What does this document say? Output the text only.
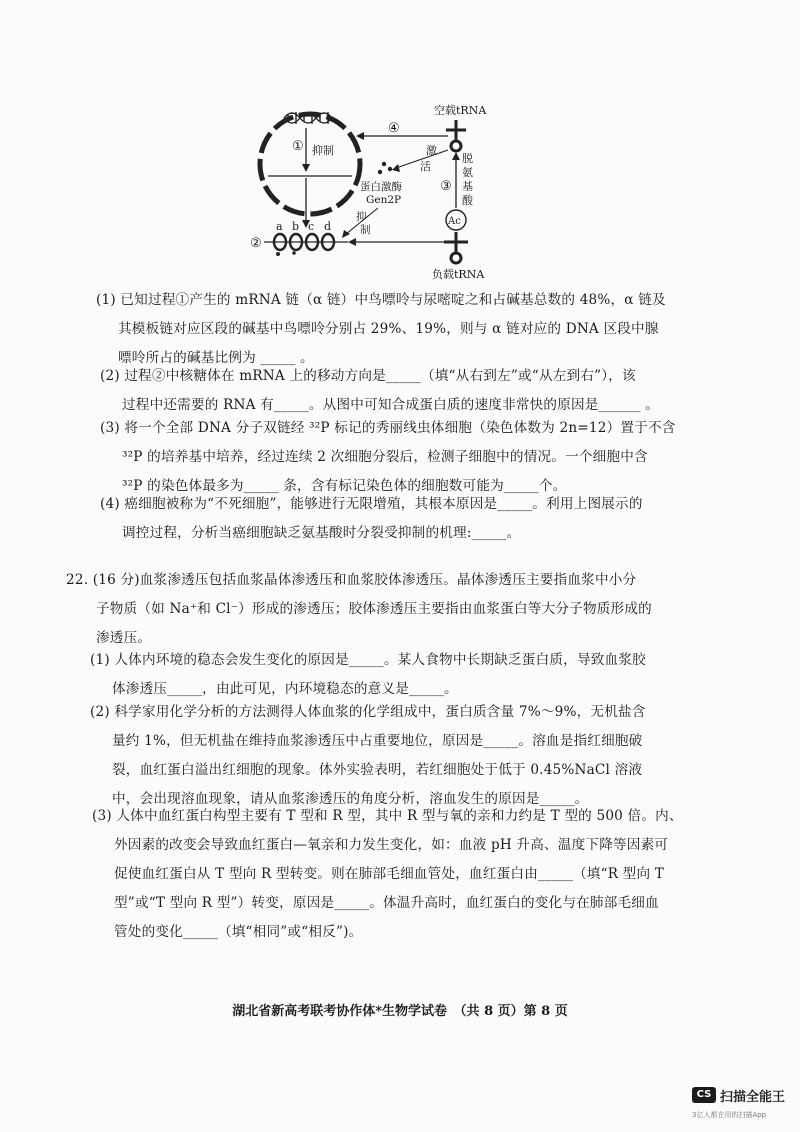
① 抑制
④
空载tRNA
激
活
蛋白激酶
Gen2P
抑
制
③
脱
氨
基
酸
Ac
负载tRNA
②
a b c d

(1) 已知过程①产生的 mRNA 链（α 链）中鸟嘌呤与尿嘧啶之和占碱基总数的 48%，α 链及

其模板链对应区段的碱基中鸟嘌呤分别占 29%、19%，则与 α 链对应的 DNA 区段中腺

嘌呤所占的碱基比例为 _____ 。

(2) 过程②中核糖体在 mRNA 上的移动方向是_____（填“从右到左”或“从左到右”），该

过程中还需要的 RNA 有_____。从图中可知合成蛋白质的速度非常快的原因是______ 。

(3) 将一个全部 DNA 分子双链经 ³²P 标记的秀丽线虫体细胞（染色体数为 2n=12）置于不含

³²P 的培养基中培养，经过连续 2 次细胞分裂后，检测子细胞中的情况。一个细胞中含

³²P 的染色体最多为_____ 条，含有标记染色体的细胞数可能为_____个。

(4) 癌细胞被称为“不死细胞”，能够进行无限增殖，其根本原因是_____。利用上图展示的

调控过程，分析当癌细胞缺乏氨基酸时分裂受抑制的机理:_____。

22. (16 分)血浆渗透压包括血浆晶体渗透压和血浆胶体渗透压。晶体渗透压主要指血浆中小分

子物质（如 Na⁺和 Cl⁻）形成的渗透压；胶体渗透压主要指由血浆蛋白等大分子物质形成的

渗透压。

(1) 人体内环境的稳态会发生变化的原因是_____。某人食物中长期缺乏蛋白质，导致血浆胶

体渗透压_____，由此可见，内环境稳态的意义是_____。

(2) 科学家用化学分析的方法测得人体血浆的化学组成中，蛋白质含量 7%～9%，无机盐含

量约 1%，但无机盐在维持血浆渗透压中占重要地位，原因是_____。溶血是指红细胞破

裂，血红蛋白溢出红细胞的现象。体外实验表明，若红细胞处于低于 0.45%NaCl 溶液

中，会出现溶血现象，请从血浆渗透压的角度分析，溶血发生的原因是_____。

(3) 人体中血红蛋白构型主要有 T 型和 R 型，其中 R 型与氧的亲和力约是 T 型的 500 倍。内、

外因素的改变会导致血红蛋白—氧亲和力发生变化，如：血液 pH 升高、温度下降等因素可

促使血红蛋白从 T 型向 R 型转变。则在肺部毛细血管处，血红蛋白由_____（填“R 型向 T

型”或“T 型向 R 型”）转变，原因是_____。体温升高时，血红蛋白的变化与在肺部毛细血

管处的变化_____（填“相同”或“相反”)。

湖北省新高考联考协作体*生物学试卷　（共 8 页）第 8 页
CS 扫描全能王
3亿人都在用的扫描App
